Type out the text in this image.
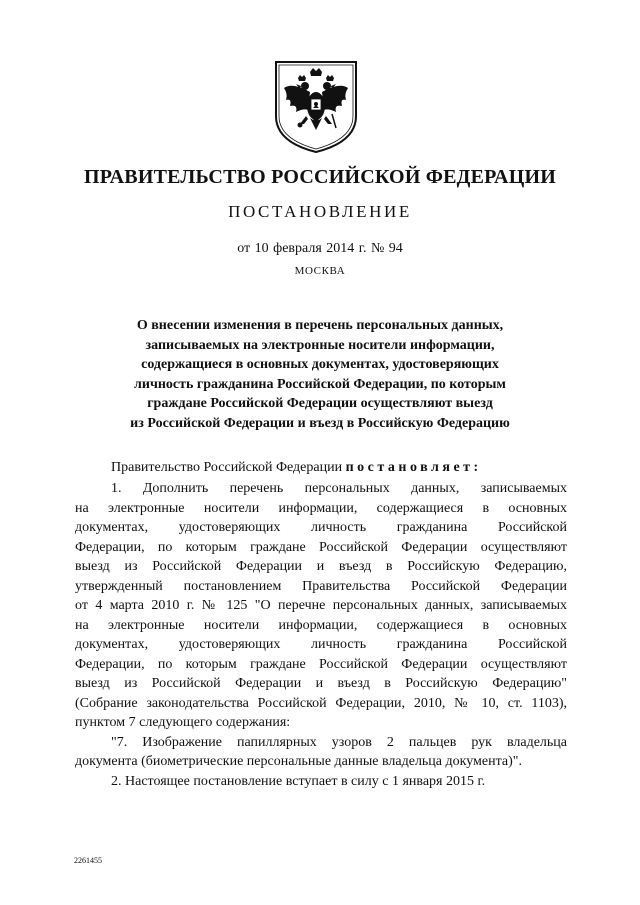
ПРАВИТЕЛЬСТВО РОССИЙСКОЙ ФЕДЕРАЦИИ
ПОСТАНОВЛЕНИЕ
от 10 февраля 2014 г. № 94
МОСКВА
О внесении изменения в перечень персональных данных,
записываемых на электронные носители информации,
содержащиеся в основных документах, удостоверяющих
личность гражданина Российской Федерации, по которым
граждане Российской Федерации осуществляют выезд
из Российской Федерации и въезд в Российскую Федерацию
Правительство Российской Федерации постановляет:
1. Дополнить перечень персональных данных, записываемых
на электронные носители информации, содержащиеся в основных
документах, удостоверяющих личность гражданина Российской
Федерации, по которым граждане Российской Федерации осуществляют
выезд из Российской Федерации и въезд в Российскую Федерацию,
утвержденный постановлением Правительства Российской Федерации
от 4 марта 2010 г. № 125 "О перечне персональных данных, записываемых
на электронные носители информации, содержащиеся в основных
документах, удостоверяющих личность гражданина Российской
Федерации, по которым граждане Российской Федерации осуществляют
выезд из Российской Федерации и въезд в Российскую Федерацию"
(Собрание законодательства Российской Федерации, 2010, № 10, ст. 1103),
пунктом 7 следующего содержания:
"7. Изображение папиллярных узоров 2 пальцев рук владельца
документа (биометрические персональные данные владельца документа)".
2. Настоящее постановление вступает в силу с 1 января 2015 г.
2261455
